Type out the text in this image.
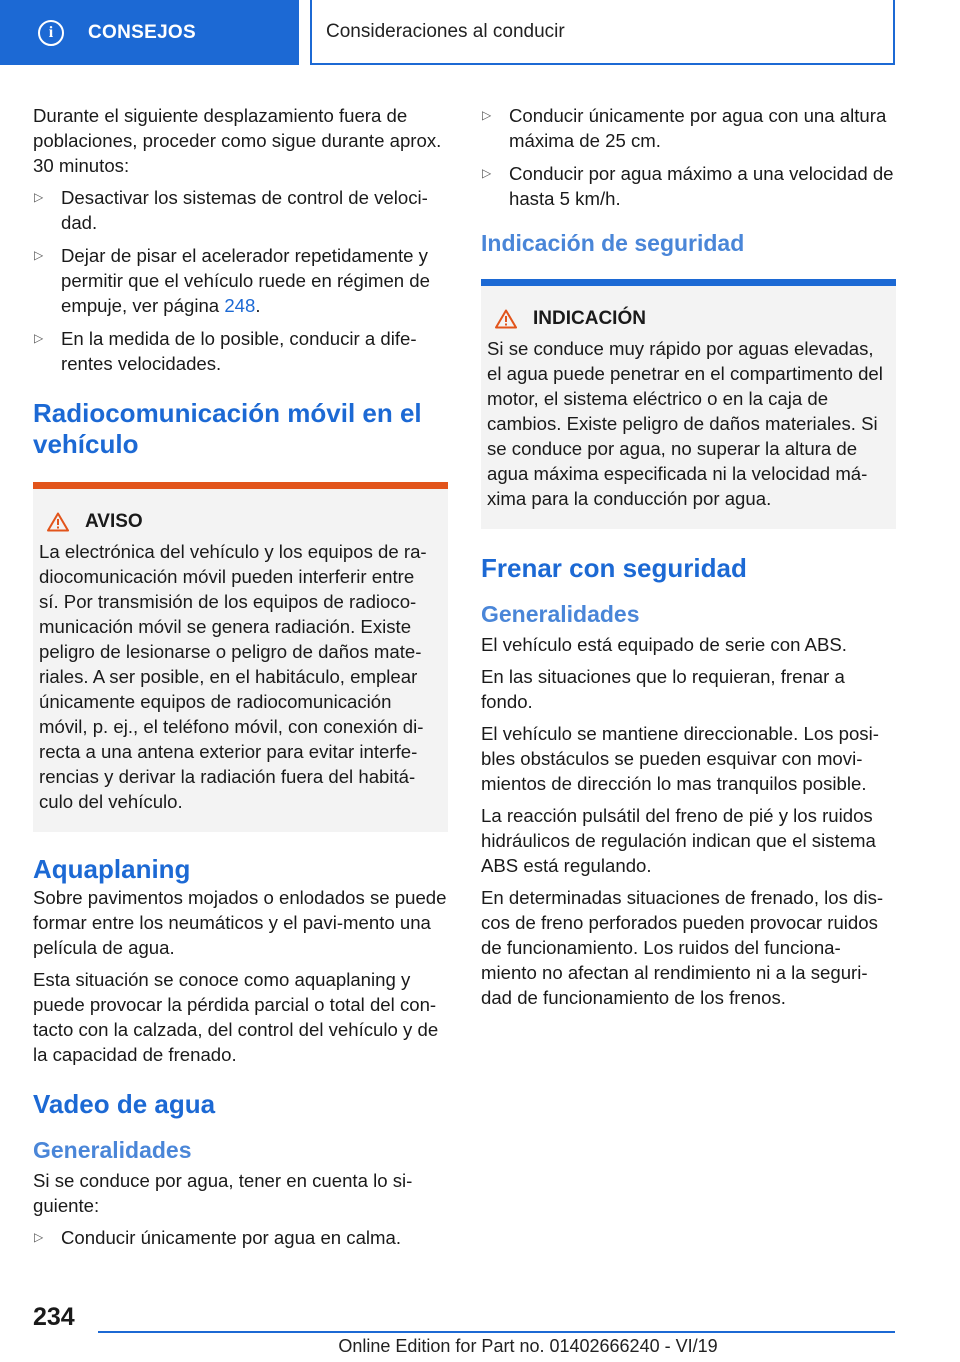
i	CONSEJOS	Consideraciones al conducir

Durante el siguiente desplazamiento fuera de poblaciones, proceder como sigue durante aprox. 30 minutos:

▷ Desactivar los sistemas de control de veloci-dad.
▷ Dejar de pisar el acelerador repetidamente y permitir que el vehículo ruede en régimen de empuje, ver página 248.
▷ En la medida de lo posible, conducir a dife-rentes velocidades.
Radiocomunicación móvil en el vehículo
AVISO

La electrónica del vehículo y los equipos de ra-diocomunicación móvil pueden interferir entre sí. Por transmisión de los equipos de radioco-municación móvil se genera radiación. Existe peligro de lesionarse o peligro de daños mate-riales. A ser posible, en el habitáculo, emplear únicamente equipos de radiocomunicación móvil, p. ej., el teléfono móvil, con conexión di-recta a una antena exterior para evitar interfe-rencias y derivar la radiación fuera del habitá-culo del vehículo.

Aquaplaning

Sobre pavimentos mojados o enlodados se puede formar entre los neumáticos y el pavi-mento una película de agua.

Esta situación se conoce como aquaplaning y puede provocar la pérdida parcial o total del con-tacto con la calzada, del control del vehículo y de la capacidad de frenado.

Vadeo de agua
Generalidades

Si se conduce por agua, tener en cuenta lo si-guiente:

▷ Conducir únicamente por agua en calma.
▷ Conducir únicamente por agua con una altura máxima de 25 cm.
▷ Conducir por agua máximo a una velocidad de hasta 5 km/h.
Indicación de seguridad
INDICACIÓN

Si se conduce muy rápido por aguas elevadas, el agua puede penetrar en el compartimento del motor, el sistema eléctrico o en la caja de cambios. Existe peligro de daños materiales. Si se conduce por agua, no superar la altura de agua máxima especificada ni la velocidad má-xima para la conducción por agua.

Frenar con seguridad
Generalidades

El vehículo está equipado de serie con ABS.

En las situaciones que lo requieran, frenar a fondo.

El vehículo se mantiene direccionable. Los posi-bles obstáculos se pueden esquivar con movi-mientos de dirección lo mas tranquilos posible.

La reacción pulsátil del freno de pié y los ruidos hidráulicos de regulación indican que el sistema ABS está regulando.

En determinadas situaciones de frenado, los dis-cos de freno perforados pueden provocar ruidos de funcionamiento. Los ruidos del funciona-miento no afectan al rendimiento ni a la seguri-dad de funcionamiento de los frenos.

234
Online Edition for Part no. 01402666240 - VI/19
